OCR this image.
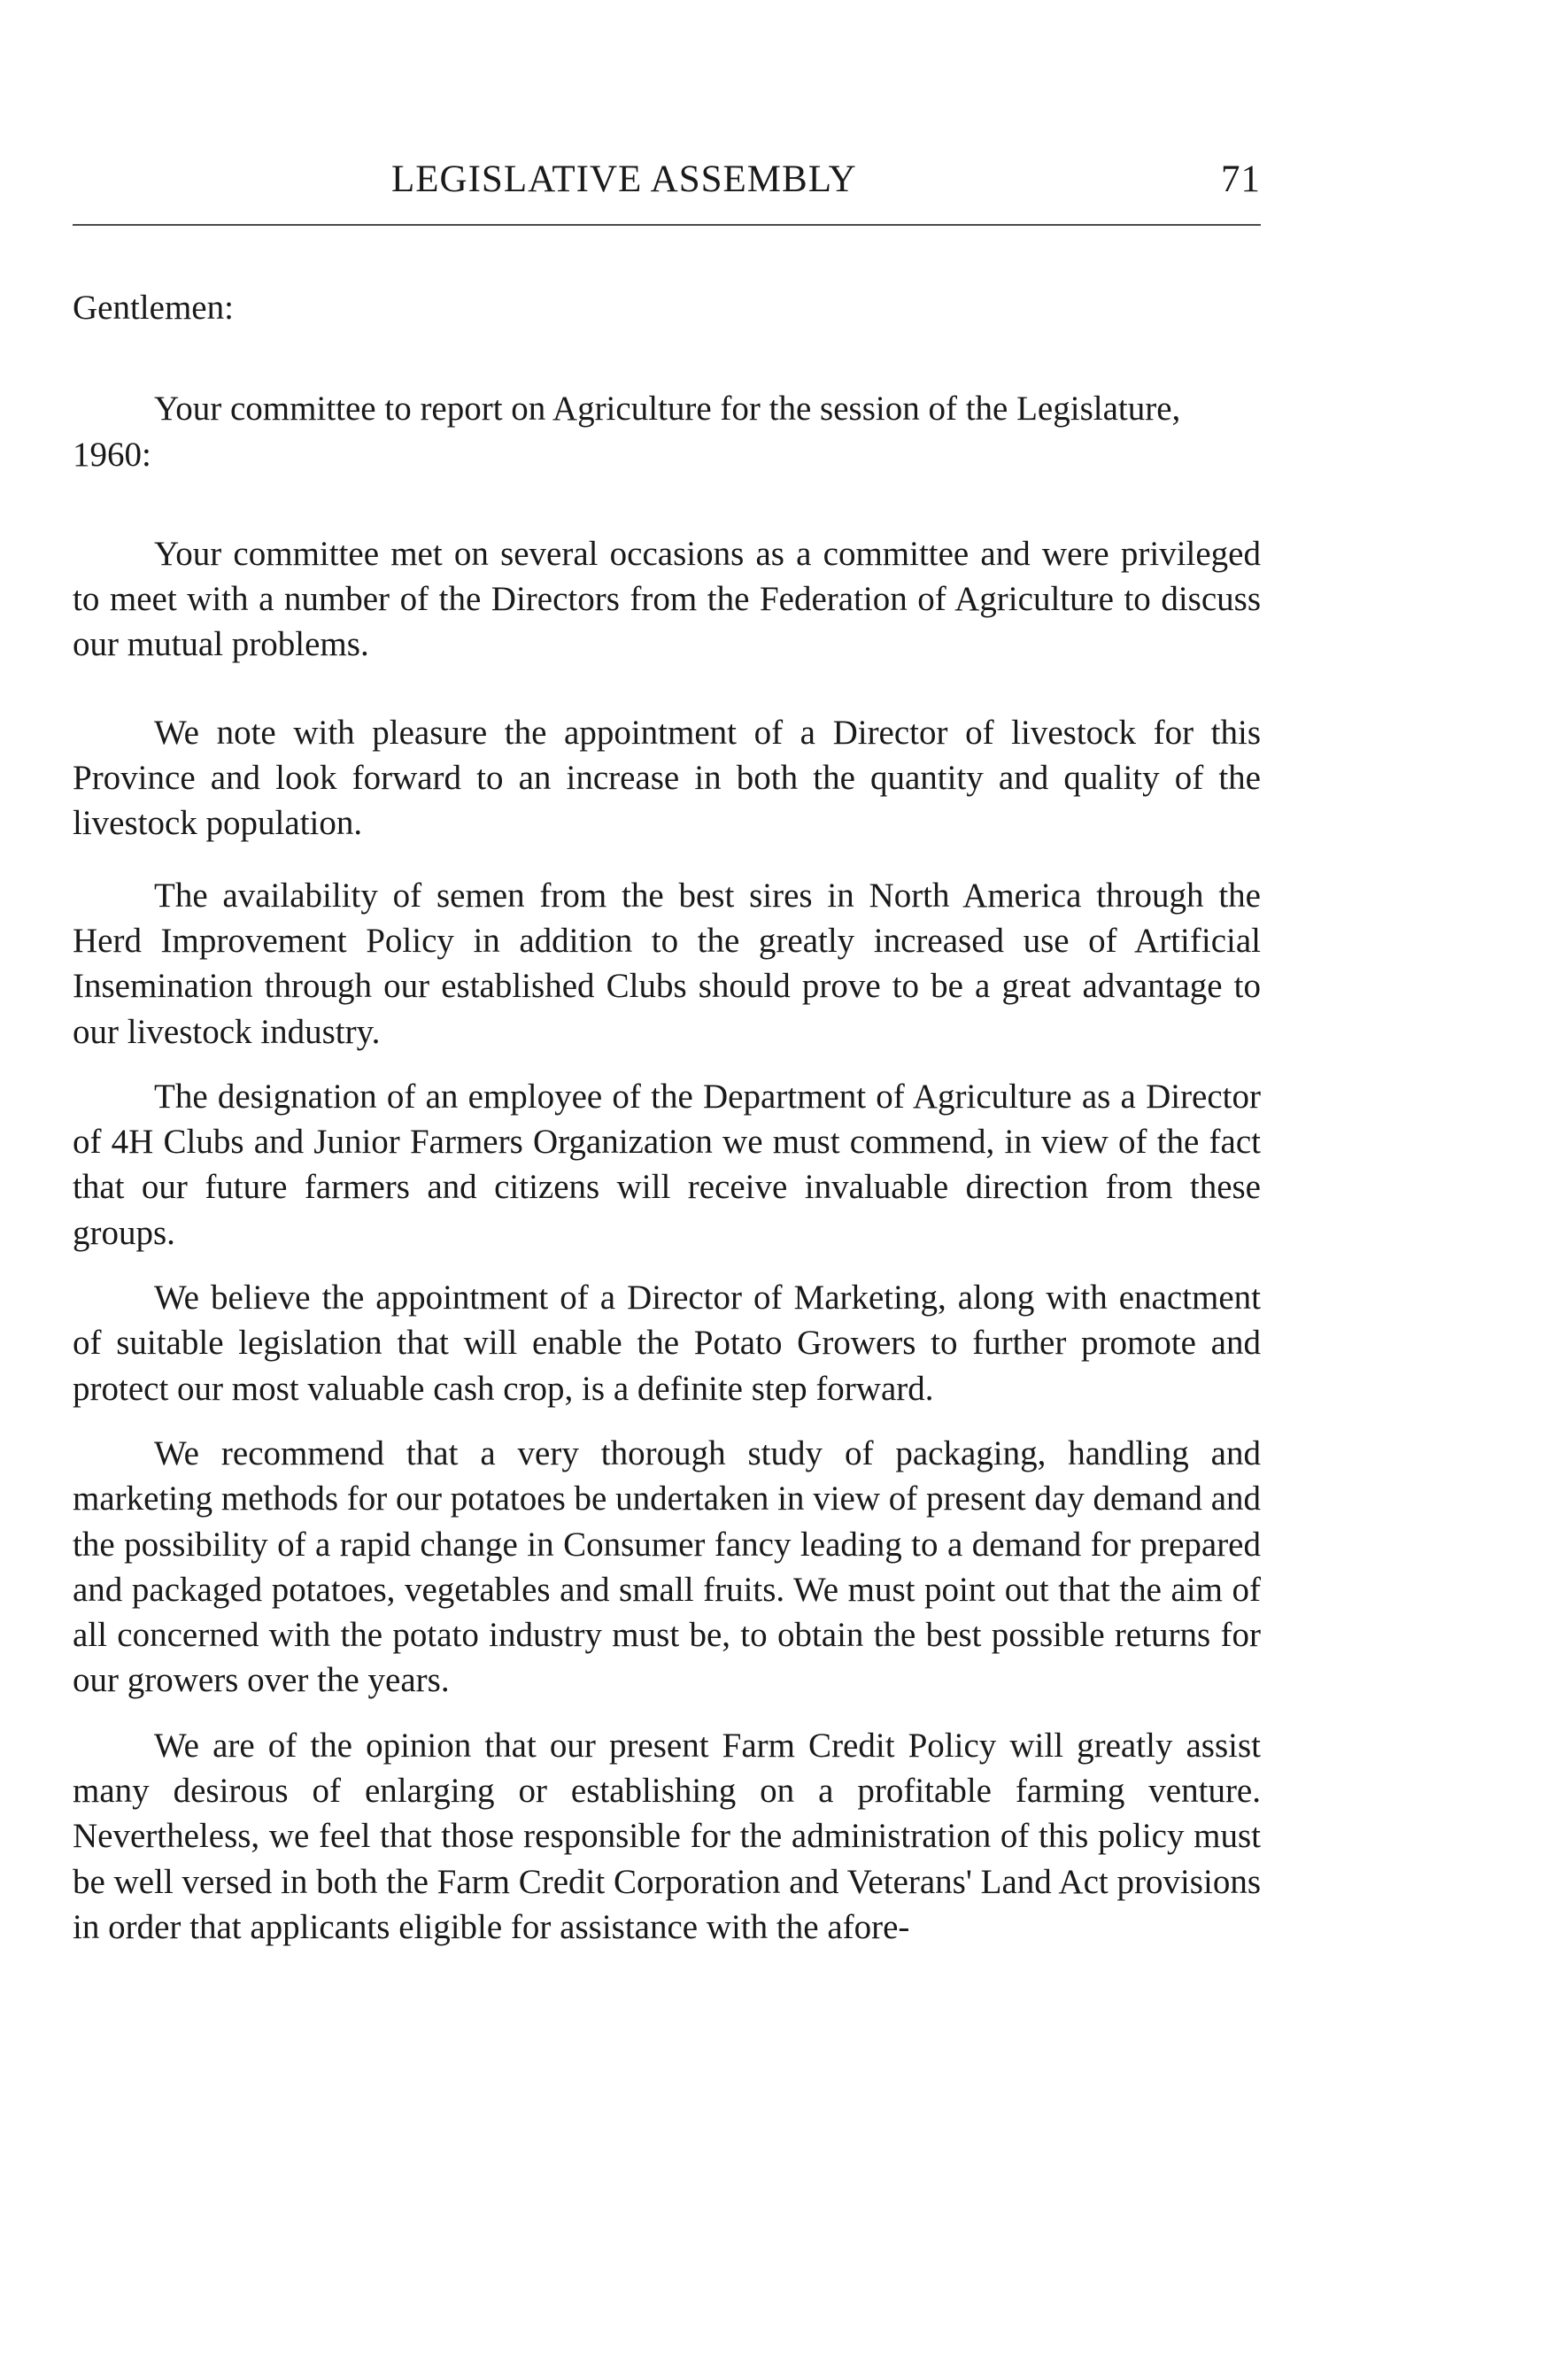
LEGISLATIVE ASSEMBLY	71

Gentlemen:

Your committee to report on Agriculture for the session of the Legislature, 1960:

Your committee met on several occasions as a committee and were privileged to meet with a number of the Directors from the Federation of Agriculture to discuss our mutual problems.

We note with pleasure the appointment of a Director of livestock for this Province and look forward to an increase in both the quantity and quality of the livestock population.

The availability of semen from the best sires in North America through the Herd Improvement Policy in addition to the greatly increased use of Artificial Insemination through our established Clubs should prove to be a great advantage to our livestock industry.

The designation of an employee of the Department of Agriculture as a Director of 4H Clubs and Junior Farmers Organization we must commend, in view of the fact that our future farmers and citizens will receive invaluable direction from these groups.

We believe the appointment of a Director of Marketing, along with enactment of suitable legislation that will enable the Potato Growers to further promote and protect our most valuable cash crop, is a definite step forward.

We recommend that a very thorough study of packaging, handling and marketing methods for our potatoes be undertaken in view of present day demand and the possibility of a rapid change in Consumer fancy leading to a demand for prepared and packaged potatoes, vegetables and small fruits. We must point out that the aim of all concerned with the potato industry must be, to obtain the best possible returns for our growers over the years.

We are of the opinion that our present Farm Credit Policy will greatly assist many desirous of enlarging or establishing on a profitable farming venture. Nevertheless, we feel that those responsible for the administration of this policy must be well versed in both the Farm Credit Corporation and Veterans' Land Act provisions in order that applicants eligible for assistance with the afore-
